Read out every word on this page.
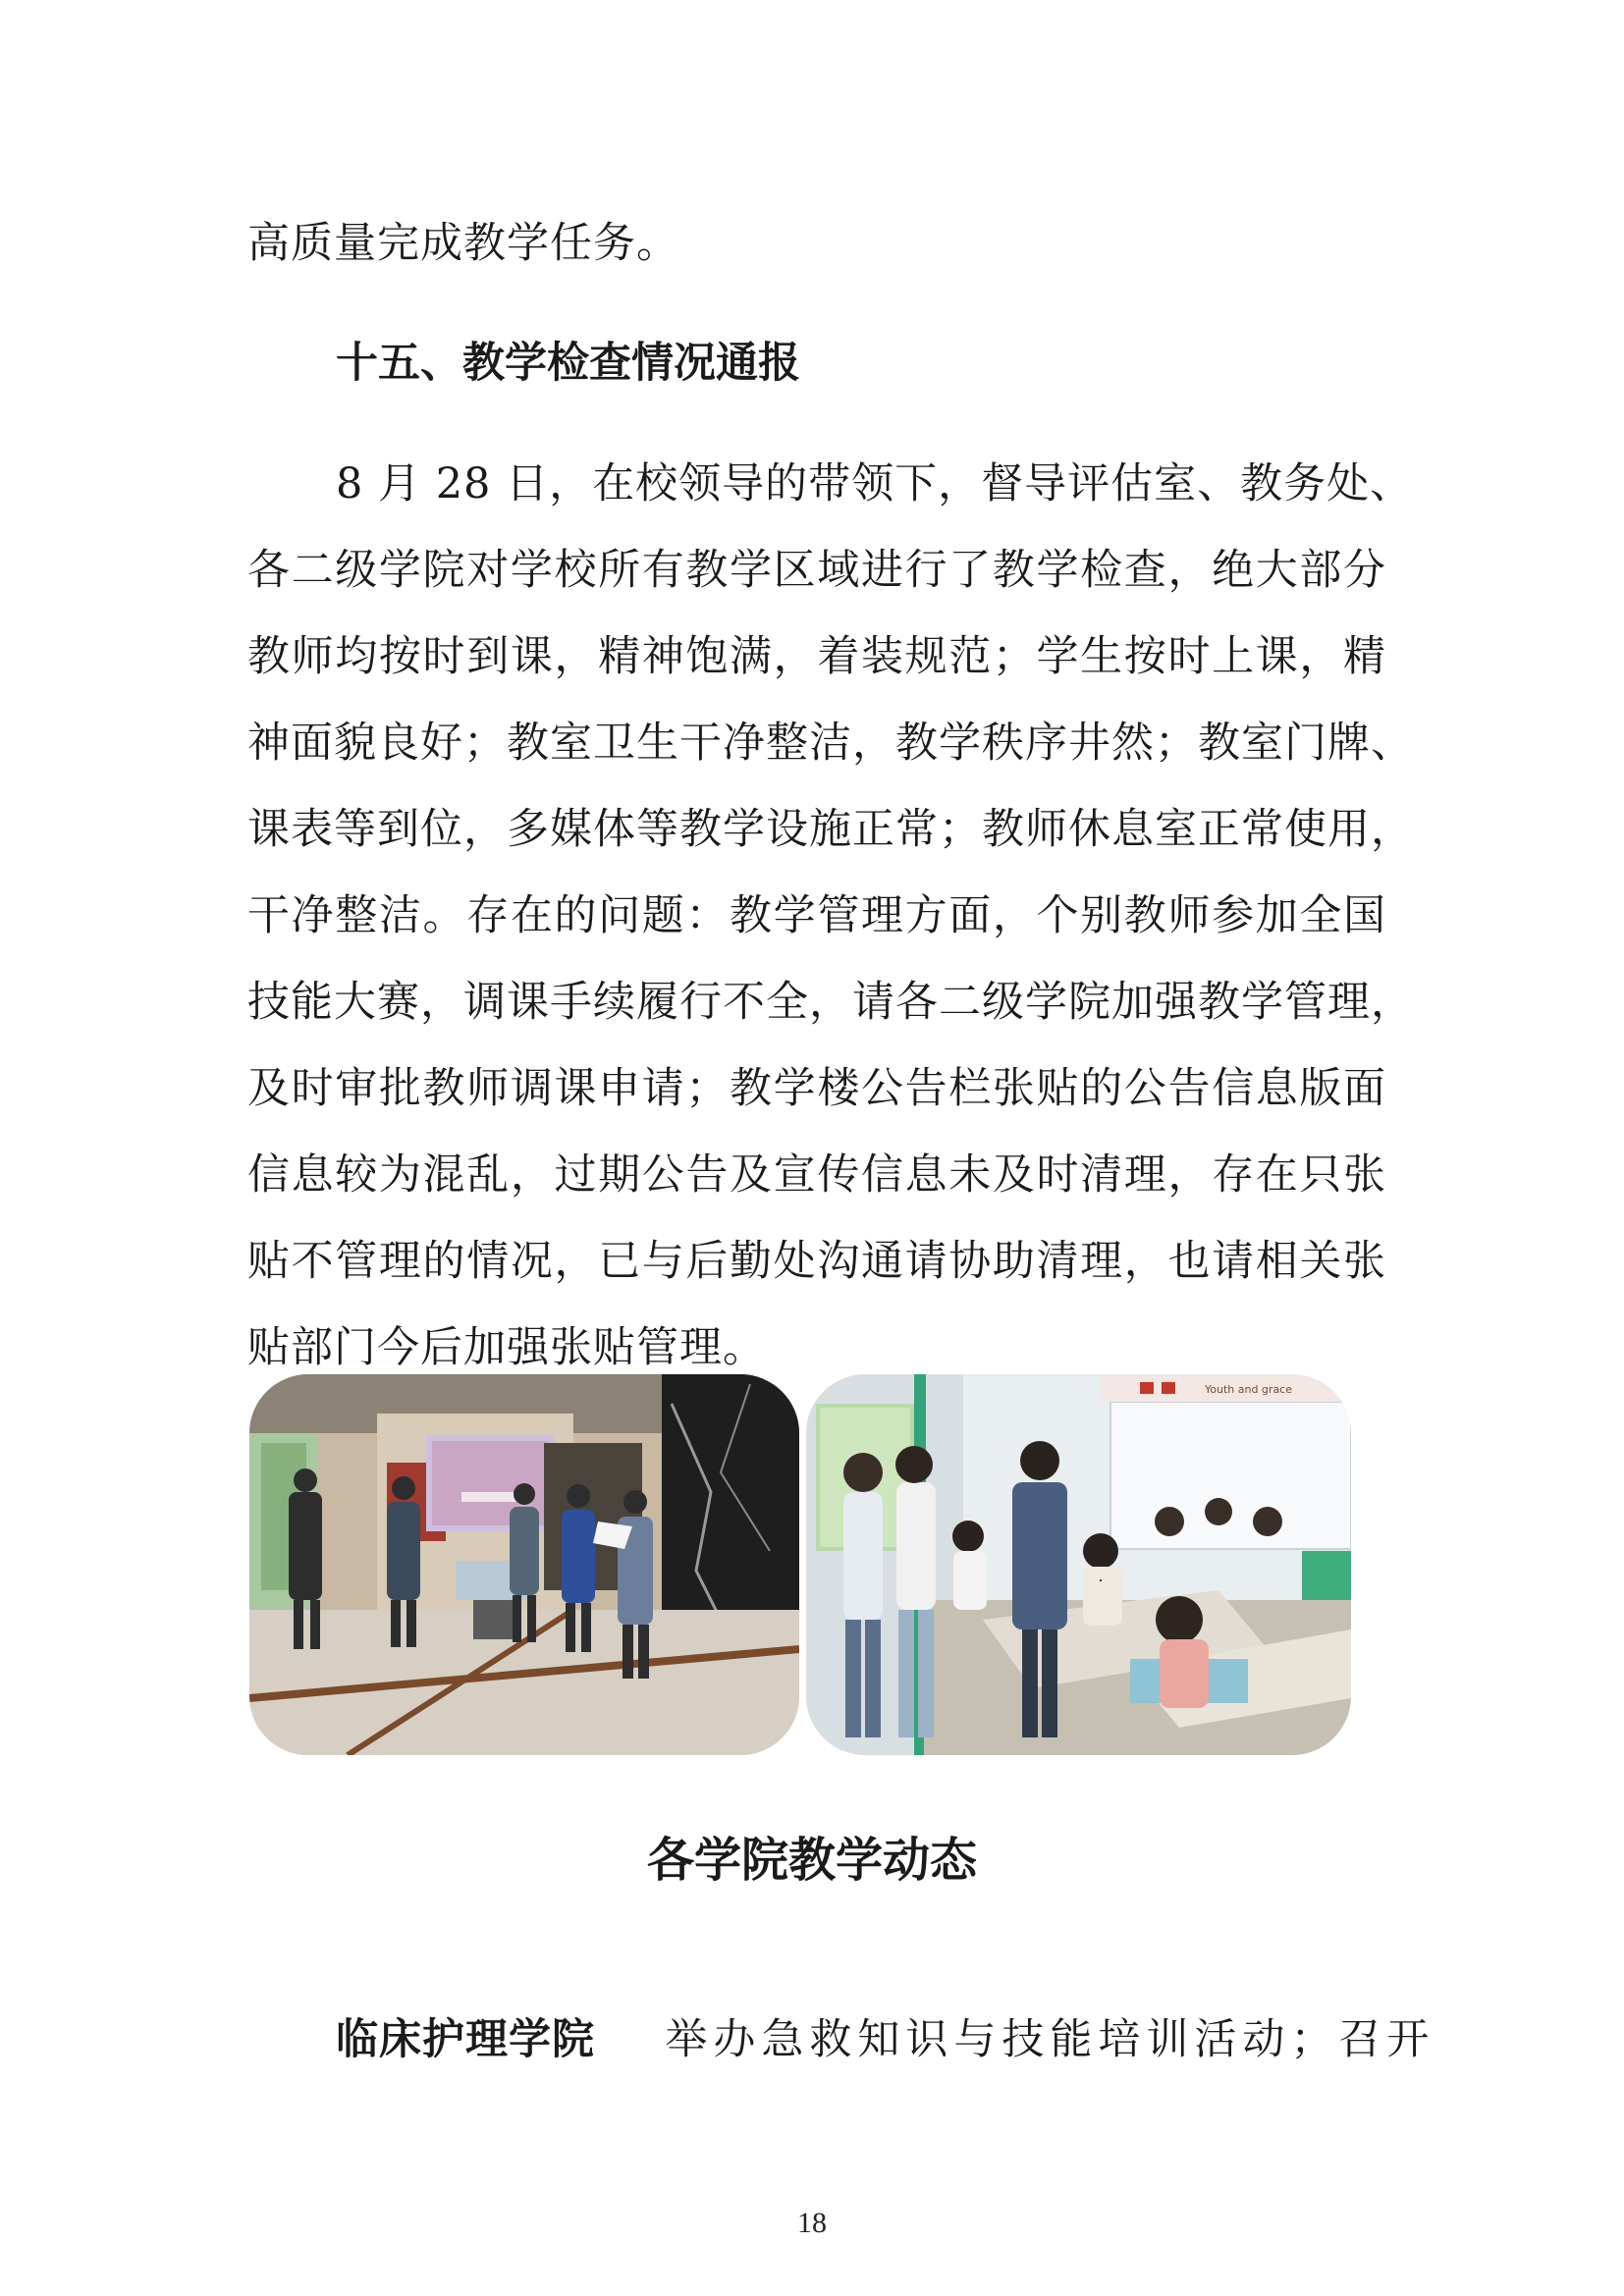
高质量完成教学任务。
十五、教学检查情况通报
8 月 28 日，在校领导的带领下，督导评估室、教务处、
各二级学院对学校所有教学区域进行了教学检查，绝大部分
教师均按时到课，精神饱满，着装规范；学生按时上课，精
神面貌良好；教室卫生干净整洁，教学秩序井然；教室门牌、
课表等到位，多媒体等教学设施正常；教师休息室正常使用，
干净整洁。存在的问题：教学管理方面，个别教师参加全国
技能大赛，调课手续履行不全，请各二级学院加强教学管理，
及时审批教师调课申请；教学楼公告栏张贴的公告信息版面
信息较为混乱，过期公告及宣传信息未及时清理，存在只张
贴不管理的情况，已与后勤处沟通请协助清理，也请相关张
贴部门今后加强张贴管理。
Youth and grace
各学院教学动态
临床护理学院 举办急救知识与技能培训活动；召开
18
